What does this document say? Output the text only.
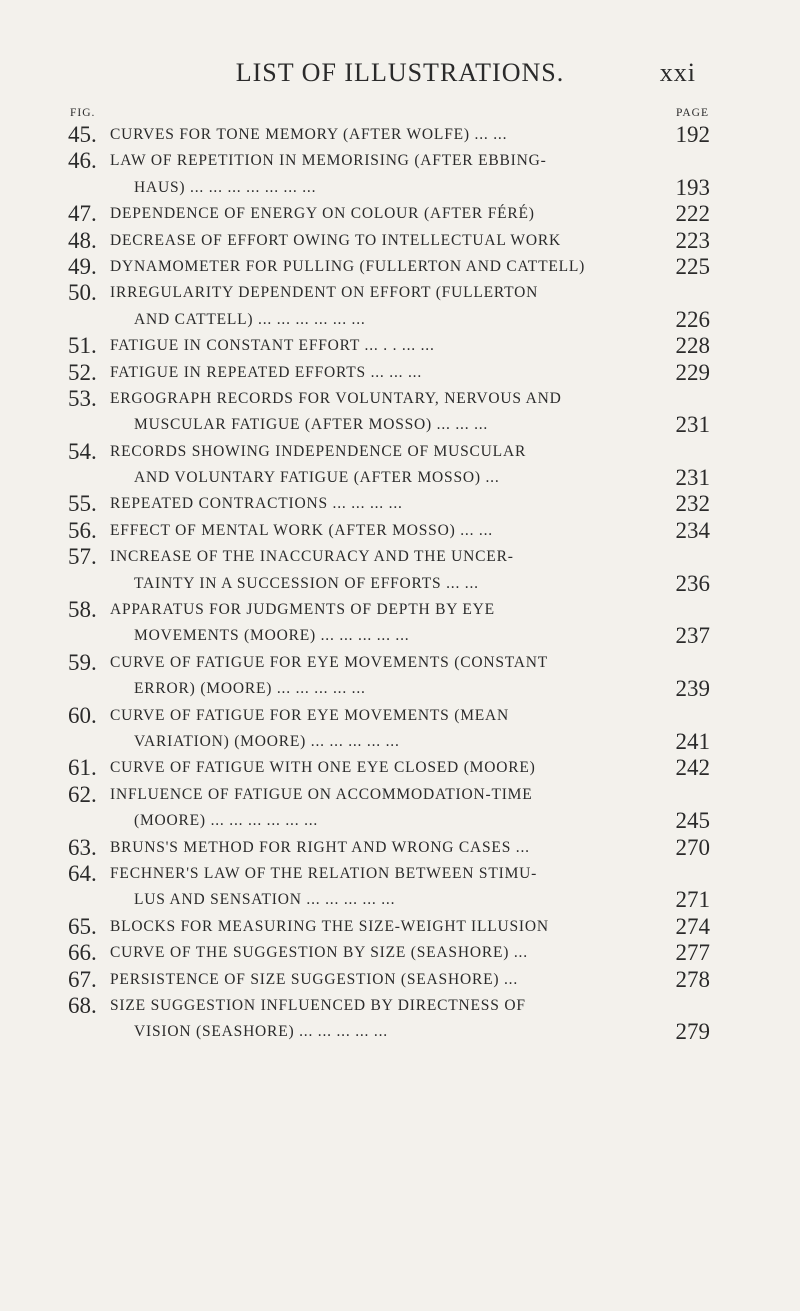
LIST OF ILLUSTRATIONS.	xxi
FIG.	PAGE
45. CURVES FOR TONE MEMORY (AFTER WOLFE) ... ...	192
46. LAW OF REPETITION IN MEMORISING (AFTER EBBING-
HAUS) ... ... ... ... ... ... ...	193
47. DEPENDENCE OF ENERGY ON COLOUR (AFTER FÉRÉ)	222
48. DECREASE OF EFFORT OWING TO INTELLECTUAL WORK	223
49. DYNAMOMETER FOR PULLING (FULLERTON AND CATTELL)	225
50. IRREGULARITY DEPENDENT ON EFFORT (FULLERTON
AND CATTELL) ... ... ... ... ... ...	226
51. FATIGUE IN CONSTANT EFFORT ... . . ... ...	228
52. FATIGUE IN REPEATED EFFORTS ... ... ...	229
53. ERGOGRAPH RECORDS FOR VOLUNTARY, NERVOUS AND
MUSCULAR FATIGUE (AFTER MOSSO) ... ... ...	231
54. RECORDS SHOWING INDEPENDENCE OF MUSCULAR
AND VOLUNTARY FATIGUE (AFTER MOSSO) ...	231
55. REPEATED CONTRACTIONS ... ... ... ...	232
56. EFFECT OF MENTAL WORK (AFTER MOSSO) ... ...	234
57. INCREASE OF THE INACCURACY AND THE UNCER-
TAINTY IN A SUCCESSION OF EFFORTS ... ...	236
58. APPARATUS FOR JUDGMENTS OF DEPTH BY EYE
MOVEMENTS (MOORE) ... ... ... ... ...	237
59. CURVE OF FATIGUE FOR EYE MOVEMENTS (CONSTANT
ERROR) (MOORE) ... ... ... ... ...	239
60. CURVE OF FATIGUE FOR EYE MOVEMENTS (MEAN
VARIATION) (MOORE) ... ... ... ... ...	241
61. CURVE OF FATIGUE WITH ONE EYE CLOSED (MOORE)	242
62. INFLUENCE OF FATIGUE ON ACCOMMODATION-TIME
(MOORE) ... ... ... ... ... ...	245
63. BRUNS'S METHOD FOR RIGHT AND WRONG CASES ...	270
64. FECHNER'S LAW OF THE RELATION BETWEEN STIMU-
LUS AND SENSATION ... ... ... ... ...	271
65. BLOCKS FOR MEASURING THE SIZE-WEIGHT ILLUSION	274
66. CURVE OF THE SUGGESTION BY SIZE (SEASHORE) ...	277
67. PERSISTENCE OF SIZE SUGGESTION (SEASHORE) ...	278
68. SIZE SUGGESTION INFLUENCED BY DIRECTNESS OF
VISION (SEASHORE) ... ... ... ... ...	279
